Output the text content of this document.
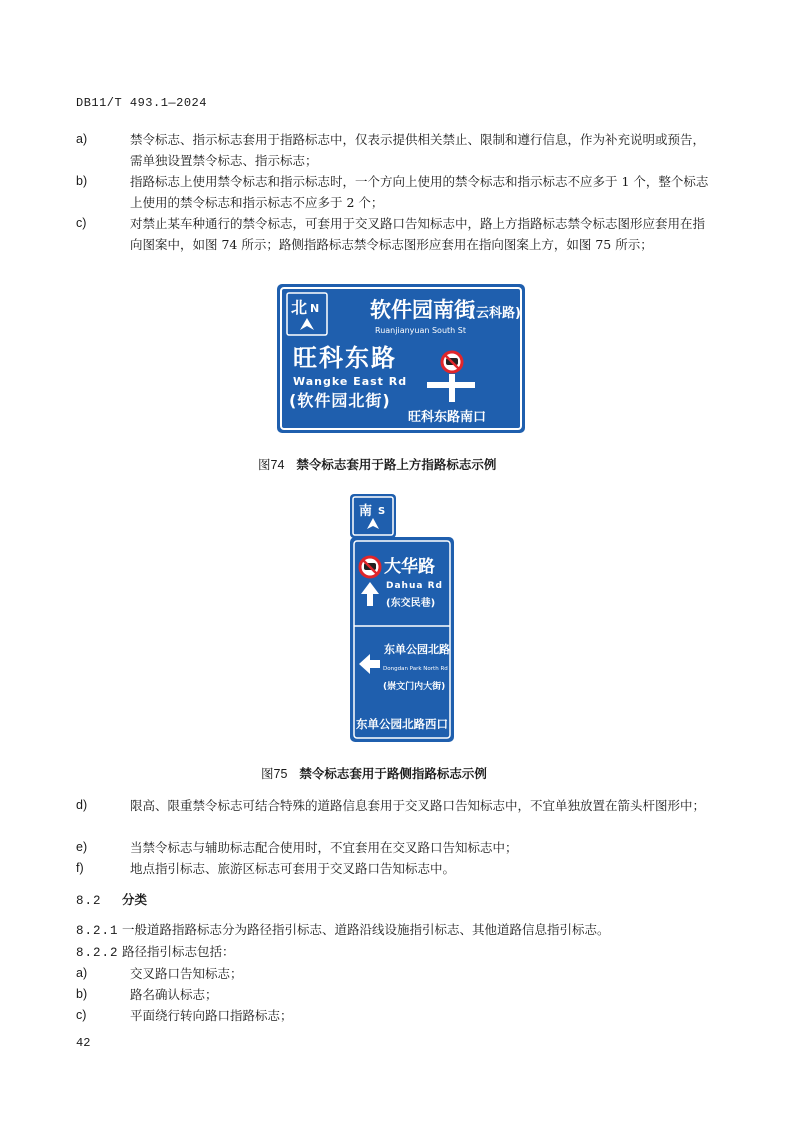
DB11/T 493.1—2024
a)	禁令标志、指示标志套用于指路标志中，仅表示提供相关禁止、限制和遵行信息，作为补充说明或预告，需单独设置禁令标志、指示标志；
b)	指路标志上使用禁令标志和指示标志时，一个方向上使用的禁令标志和指示标志不应多于 1 个，整个标志上使用的禁令标志和指示标志不应多于 2 个；
c)	对禁止某车种通行的禁令标志，可套用于交叉路口告知标志中，路上方指路标志禁令标志图形应套用在指向图案中，如图 74 所示；路侧指路标志禁令标志图形应套用在指向图案上方，如图 75 所示；
北 N 软件园南街
(云科路)
Ruanjianyuan South St
旺科东路
Wangke East Rd
(软件园北街)
旺科东路南口
图74 禁令标志套用于路上方指路标志示例
南 S
大华路
Dahua Rd
(东交民巷)
东单公园北路
Dongdan Park North Rd
(崇文门内大街)
东单公园北路西口
图75 禁令标志套用于路侧指路标志示例
d)	限高、限重禁令标志可结合特殊的道路信息套用于交叉路口告知标志中，不宜单独放置在箭头杆图形中；
e)	当禁令标志与辅助标志配合使用时，不宜套用在交叉路口告知标志中；
f)	地点指引标志、旅游区标志可套用于交叉路口告知标志中。
8.2 分类
8.2.1 一般道路指路标志分为路径指引标志、道路沿线设施指引标志、其他道路信息指引标志。
8.2.2 路径指引标志包括：
a)	交叉路口告知标志；
b)	路名确认标志；
c)	平面绕行转向路口指路标志；
42
